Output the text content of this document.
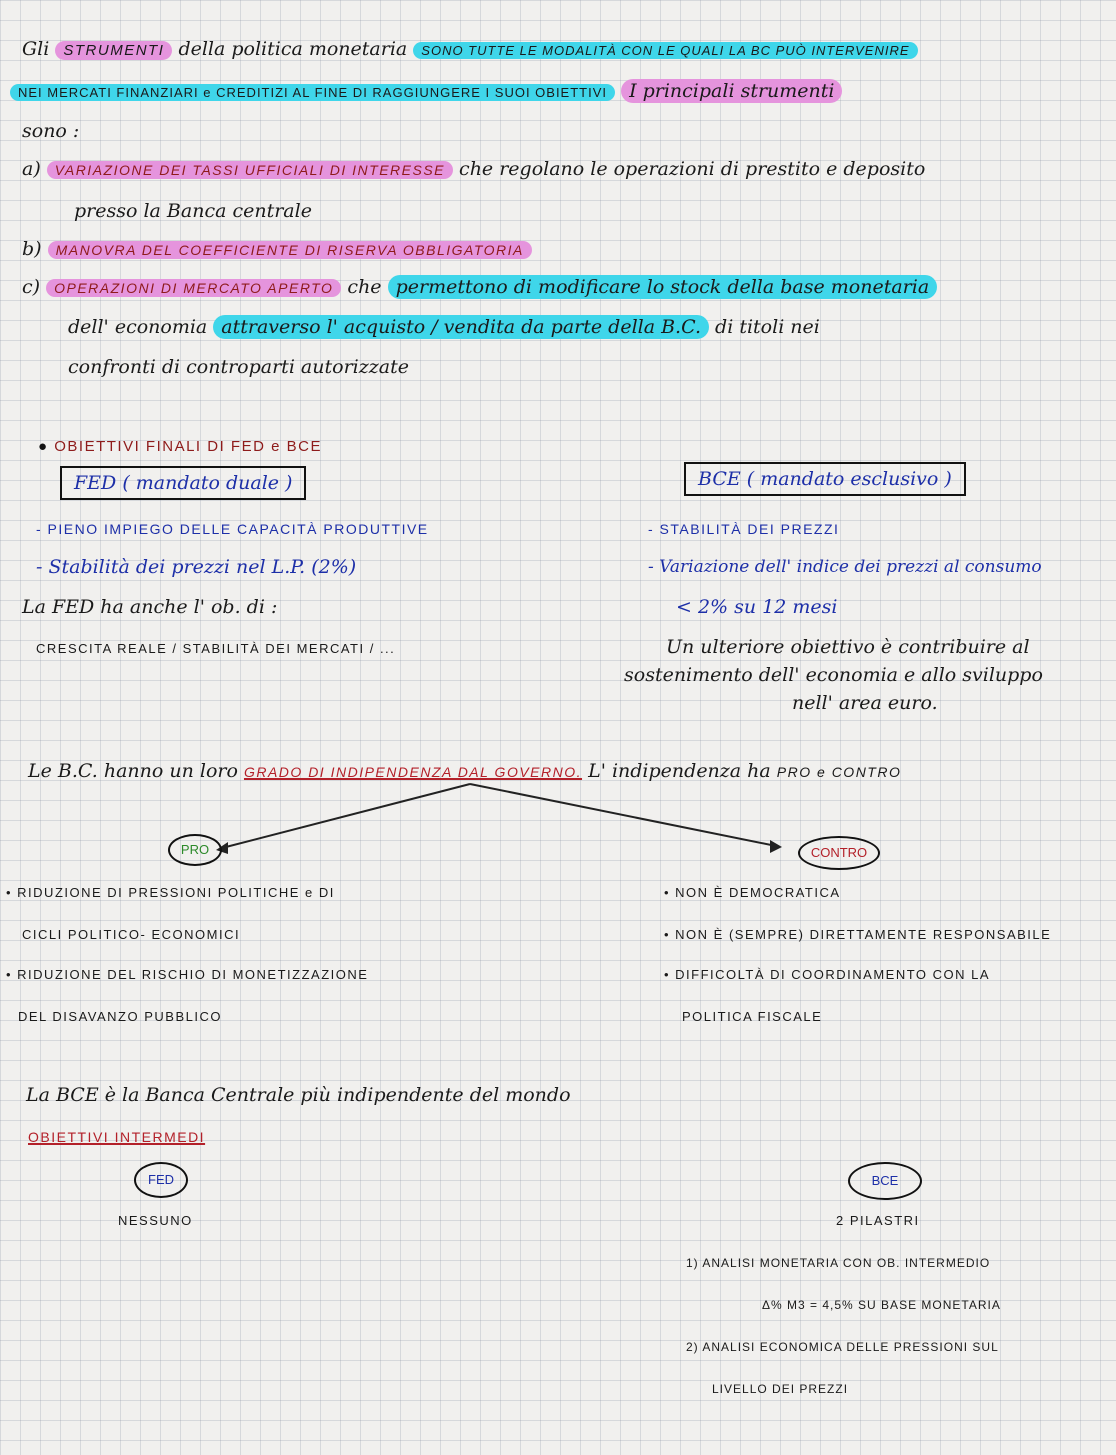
Gli STRUMENTI della politica monetaria SONO TUTTE LE MODALITÀ CON LE QUALI LA BC PUÒ INTERVENIRE
NEI MERCATI FINANZIARI e CREDITIZI AL FINE DI RAGGIUNGERE I SUOI OBIETTIVI I principali strumenti
sono :
a) VARIAZIONE DEI TASSI UFFICIALI DI INTERESSE che regolano le operazioni di prestito e deposito
presso la Banca centrale
b) MANOVRA DEL COEFFICIENTE DI RISERVA OBBLIGATORIA
c) OPERAZIONI DI MERCATO APERTO che permettono di modificare lo stock della base monetaria
dell' economia attraverso l' acquisto / vendita da parte della B.C. di titoli nei
confronti di controparti autorizzate
● OBIETTIVI FINALI DI FED e BCE
FED ( mandato duale )
- PIENO IMPIEGO DELLE CAPACITÀ PRODUTTIVE
- Stabilità dei prezzi nel L.P. (2%)
La FED ha anche l' ob. di :
CRESCITA REALE / STABILITÀ DEI MERCATI / ...
BCE ( mandato esclusivo )
- STABILITÀ DEI PREZZI
- Variazione dell' indice dei prezzi al consumo
< 2% su 12 mesi
Un ulteriore obiettivo è contribuire al
sostenimento dell' economia e allo sviluppo
nell' area euro.
Le B.C. hanno un loro GRADO DI INDIPENDENZA DAL GOVERNO. L' indipendenza ha PRO e CONTRO
PRO	CONTRO
• RIDUZIONE DI PRESSIONI POLITICHE e DI
CICLI POLITICO- ECONOMICI
• RIDUZIONE DEL RISCHIO DI MONETIZZAZIONE
DEL DISAVANZO PUBBLICO
• NON È DEMOCRATICA
• NON È (SEMPRE) DIRETTAMENTE RESPONSABILE
• DIFFICOLTÀ DI COORDINAMENTO CON LA
POLITICA FISCALE
La BCE è la Banca Centrale più indipendente del mondo
OBIETTIVI INTERMEDI
FED
NESSUNO
BCE
2 PILASTRI
1) ANALISI MONETARIA CON OB. INTERMEDIO
Δ% M3 = 4,5% SU BASE MONETARIA
2) ANALISI ECONOMICA DELLE PRESSIONI SUL
LIVELLO DEI PREZZI
